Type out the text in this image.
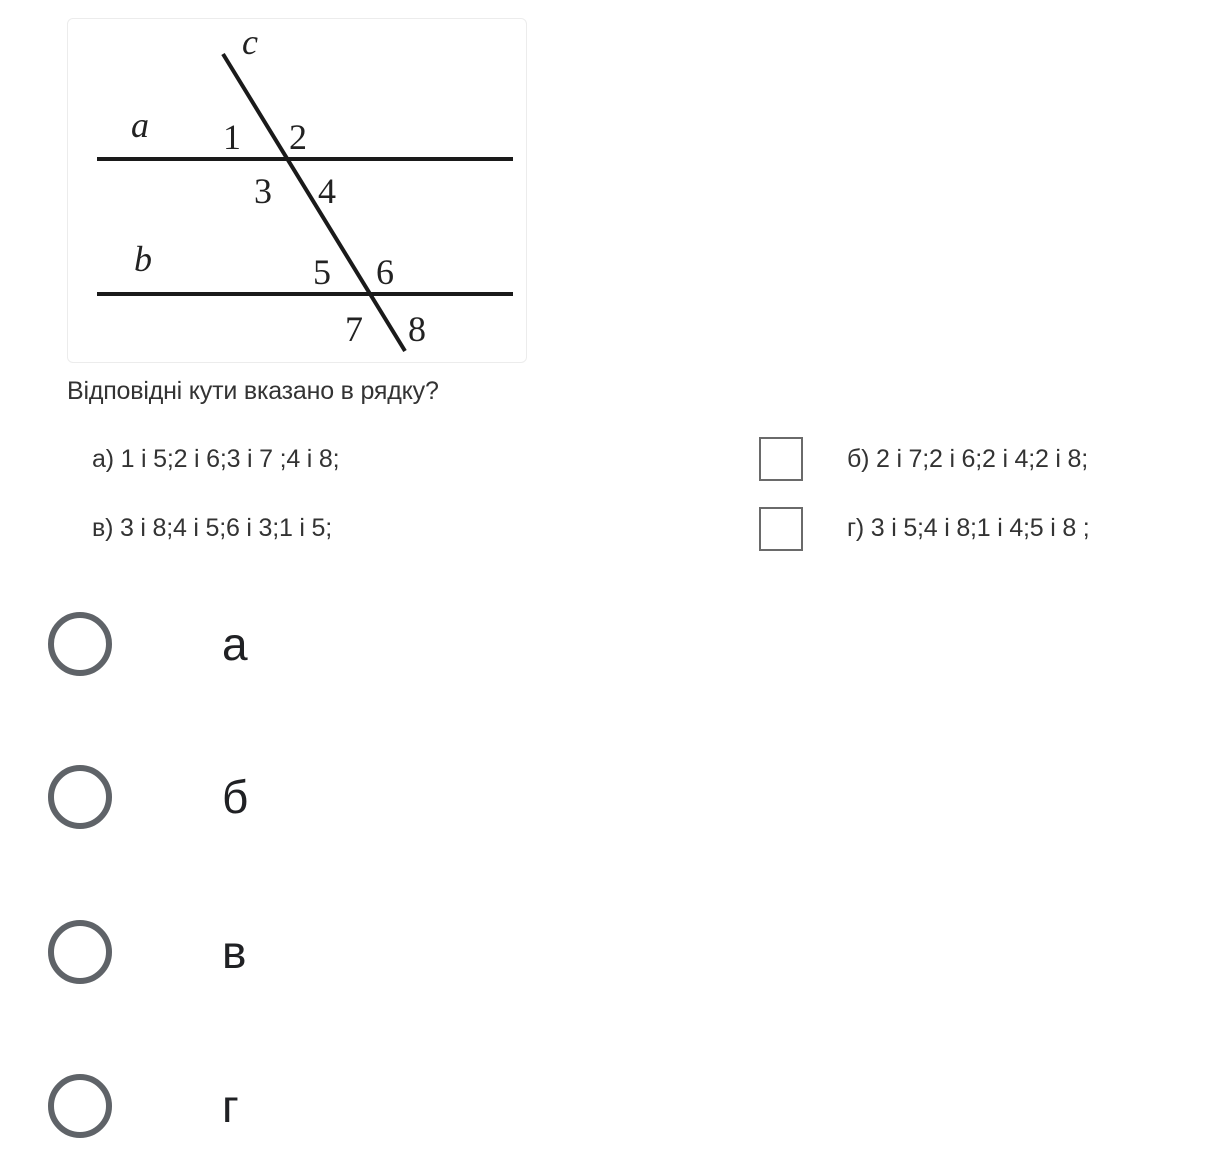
c
a
b
1 2
3 4
5 6
7 8
Відповідні кути вказано в рядку?
а) 1 і 5;2 і 6;3 і 7 ;4 і 8;
в) 3 і 8;4 і 5;6 і 3;1 і 5;
б) 2 і 7;2 і 6;2 і 4;2 і 8;
г) 3 і 5;4 і 8;1 і 4;5 і 8 ;
а
б
в
г
